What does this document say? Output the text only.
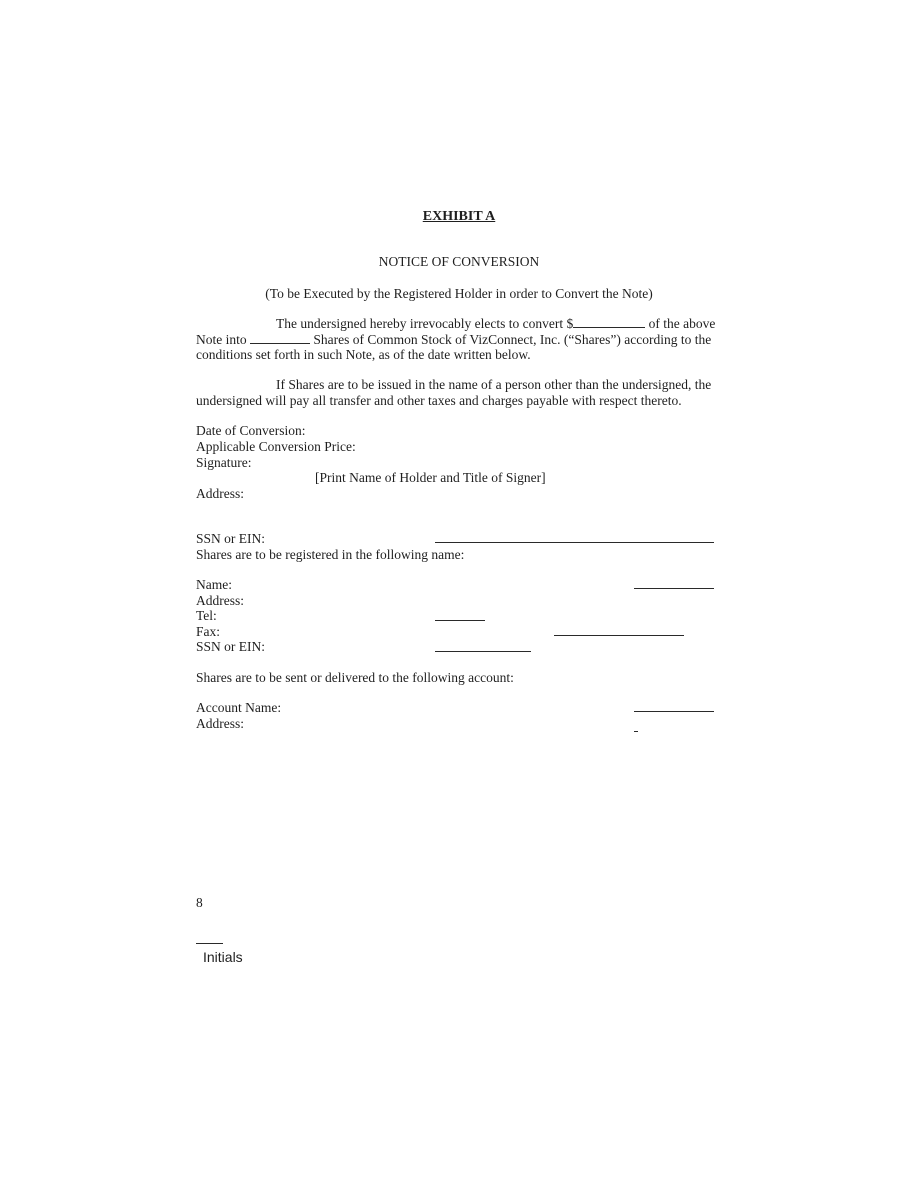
EXHIBIT A
NOTICE OF CONVERSION
(To be Executed by the Registered Holder in order to Convert the Note)
The undersigned hereby irrevocably elects to convert $	of the above
Note into	Shares of Common Stock of VizConnect, Inc. (“Shares”) according to the
conditions set forth in such Note, as of the date written below.
If Shares are to be issued in the name of a person other than the undersigned, the
undersigned will pay all transfer and other taxes and charges payable with respect thereto.
Date of Conversion:
Applicable Conversion Price:
Signature:
[Print Name of Holder and Title of Signer]
Address:
SSN or EIN:
Shares are to be registered in the following name:
Name:
Address:
Tel:
Fax:
SSN or EIN:
Shares are to be sent or delivered to the following account:
Account Name:
Address:
8
Initials
